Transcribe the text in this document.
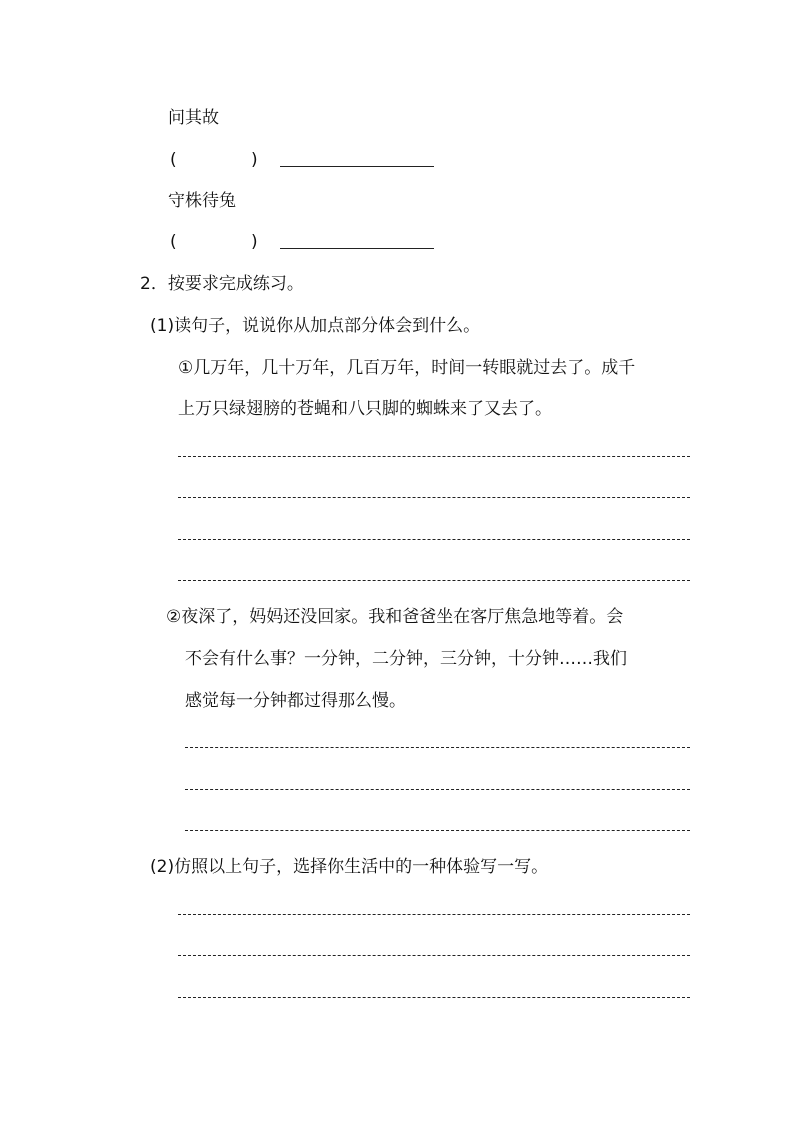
问其故
(	)
守株待兔
(	)
2．按要求完成练习。
(1)读句子，说说你从加点部分体会到什么。
①几万年，几十万年，几百万年，时间一转眼就过去了。成千
上万只绿翅膀的苍蝇和八只脚的蜘蛛来了又去了。
②夜深了，妈妈还没回家。我和爸爸坐在客厅焦急地等着。会
不会有什么事？一分钟，二分钟，三分钟，十分钟……我们
感觉每一分钟都过得那么慢。
(2)仿照以上句子，选择你生活中的一种体验写一写。
